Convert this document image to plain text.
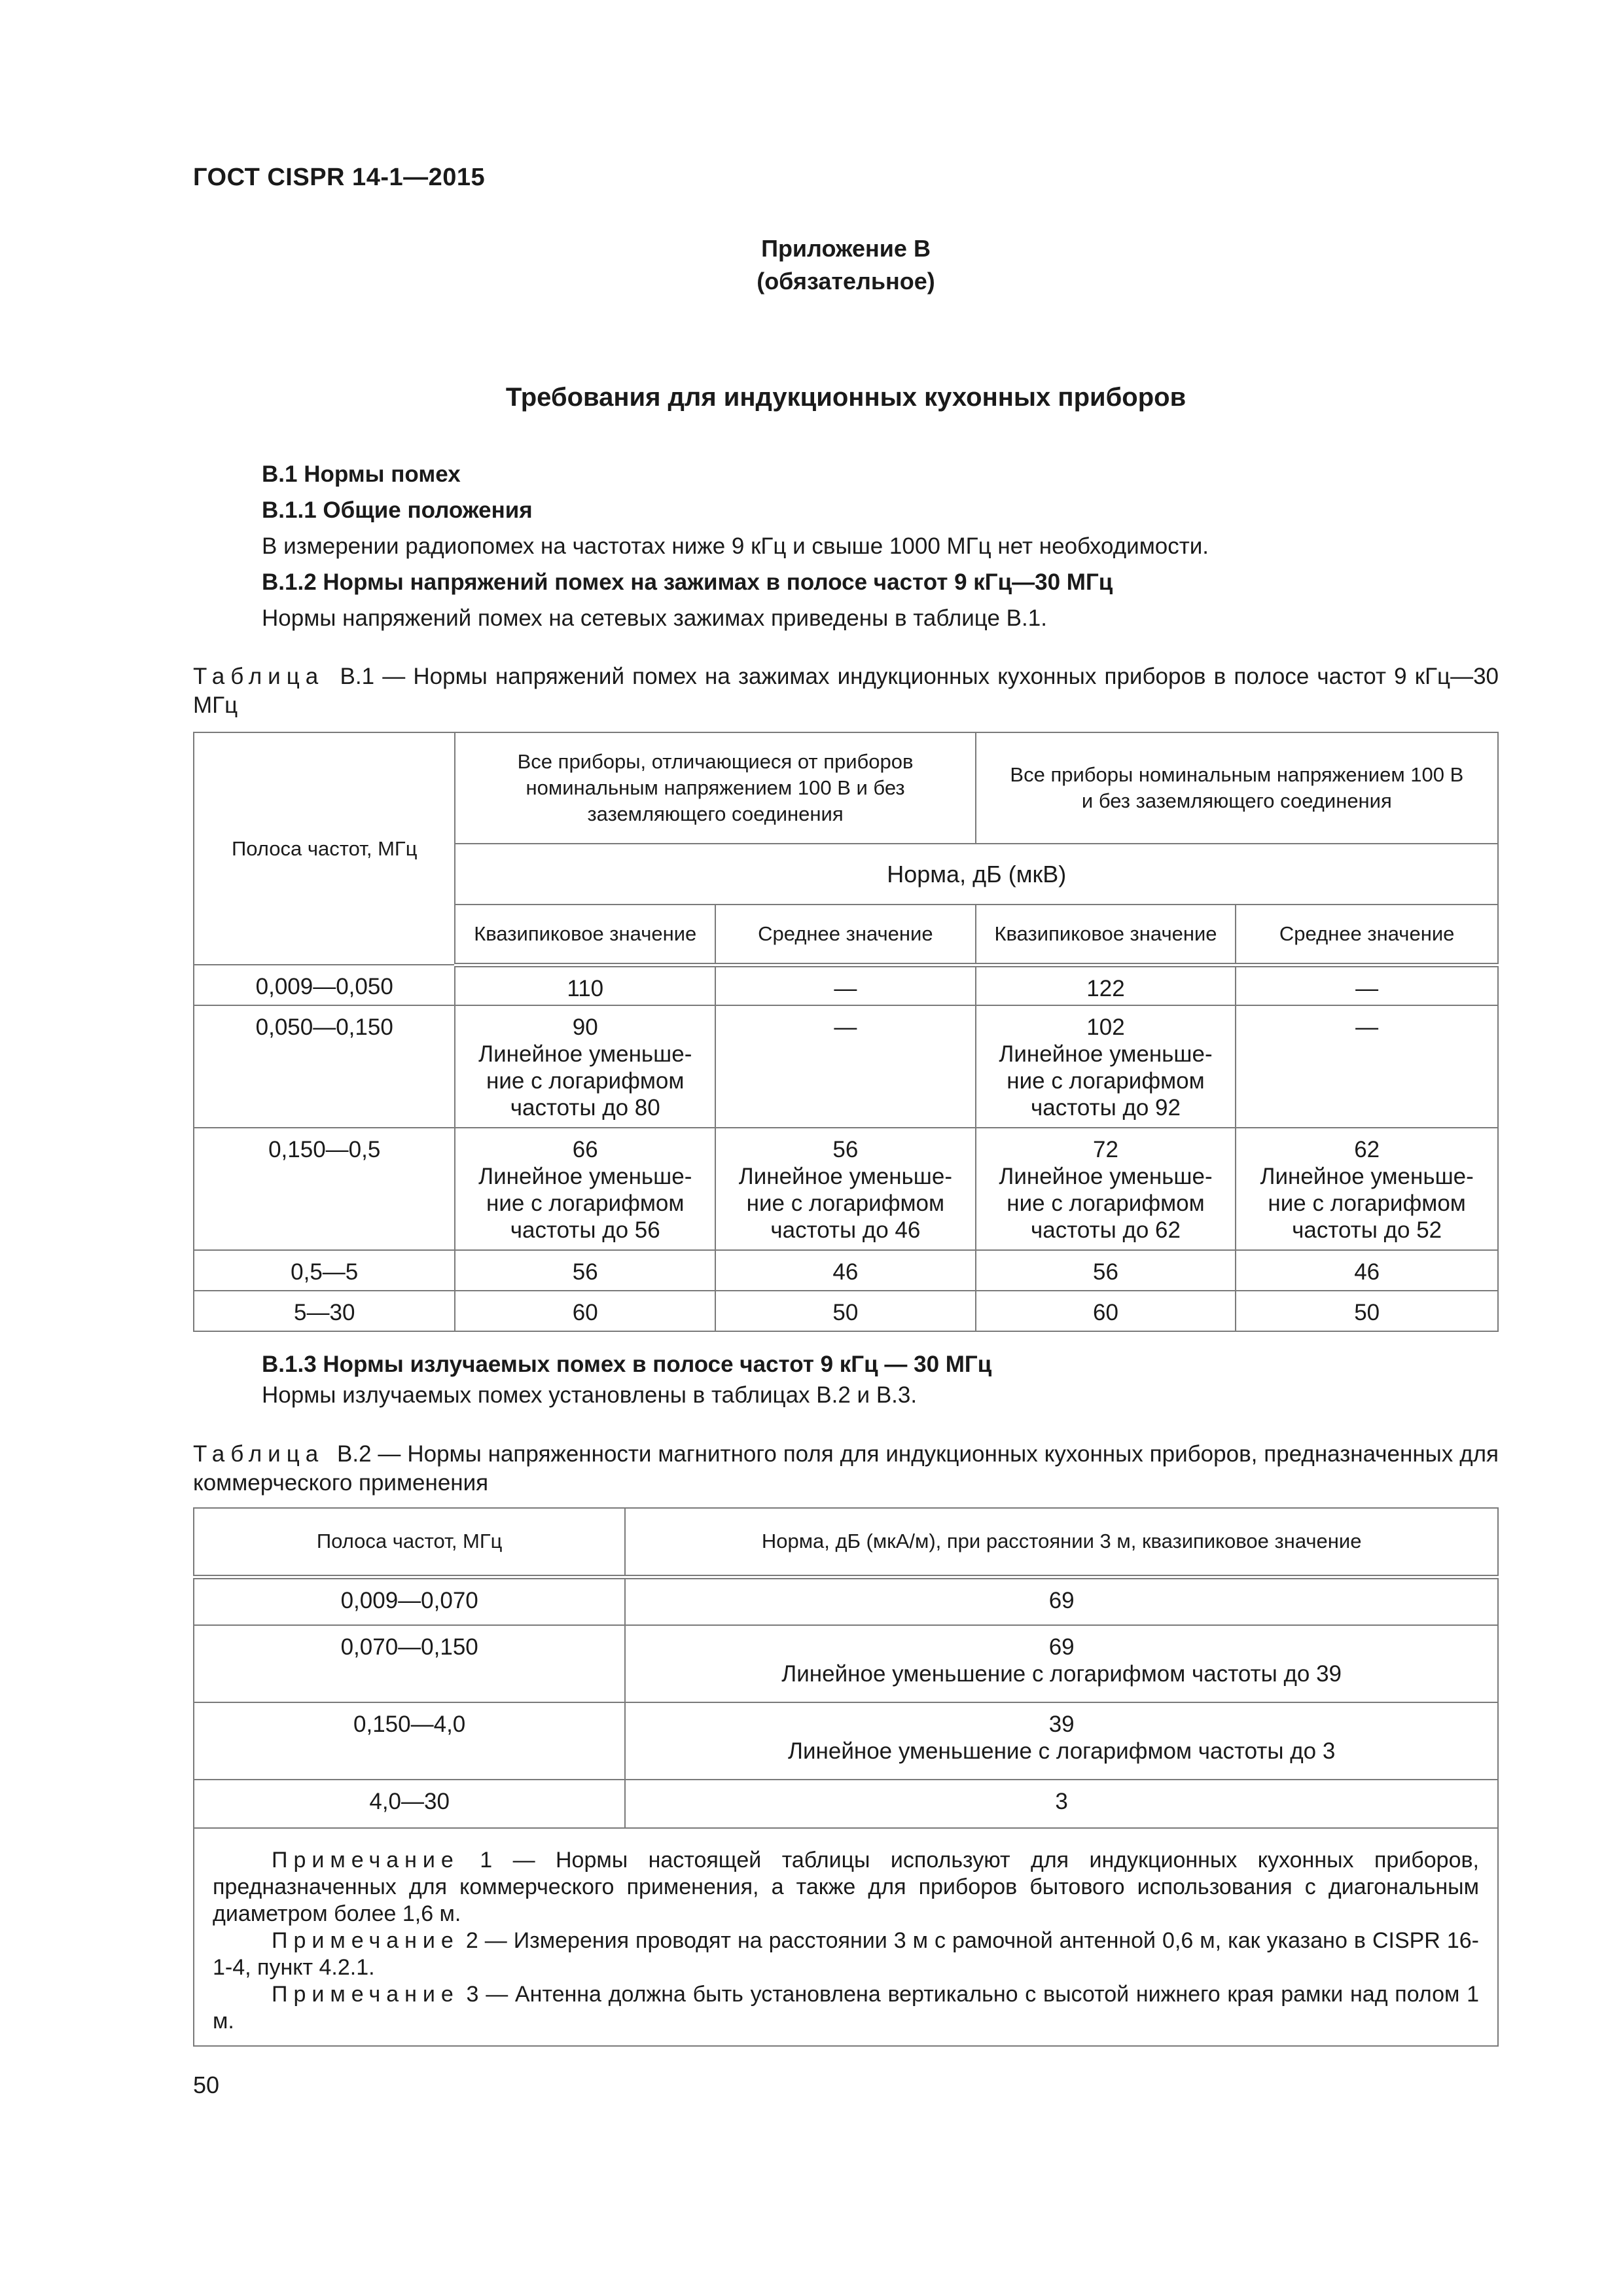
ГОСТ CISPR 14-1—2015
Приложение В
(обязательное)
Требования для индукционных кухонных приборов
В.1 Нормы помех
В.1.1 Общие положения
В измерении радиопомех на частотах ниже 9 кГц и свыше 1000 МГц нет необходимости.
В.1.2 Нормы напряжений помех на зажимах в полосе частот 9 кГц—30 МГц
Нормы напряжений помех на сетевых зажимах приведены в таблице В.1.
Таблица В.1 — Нормы напряжений помех на зажимах индукционных кухонных приборов в полосе частот 9 кГц—30 МГц
Полоса частот, МГц	Все приборы, отличающиеся от приборов номинальным напряжением 100 В и без заземляющего соединения		Все приборы номинальным напряжением 100 В и без заземляющего соединения	
	Норма, дБ (мкВ)			
	Квазипиковое значение	Среднее значение	Квазипиковое значение	Среднее значение
0,009—0,050	110	—	122	—
0,050—0,150	90
Линейное уменьше-
ние с логарифмом
частоты до 80	—	102
Линейное уменьше-
ние с логарифмом
частоты до 92	—
0,150—0,5	66
Линейное уменьше-
ние с логарифмом
частоты до 56	56
Линейное уменьше-
ние с логарифмом
частоты до 46	72
Линейное уменьше-
ние с логарифмом
частоты до 62	62
Линейное уменьше-
ние с логарифмом
частоты до 52
0,5—5	56	46	56	46
5—30	60	50	60	50
В.1.3 Нормы излучаемых помех в полосе частот 9 кГц — 30 МГц
Нормы излучаемых помех установлены в таблицах В.2 и В.3.
Таблица В.2 — Нормы напряженности магнитного поля для индукционных кухонных приборов, предназначенных для коммерческого применения
Полоса частот, МГц	Норма, дБ (мкА/м), при расстоянии 3 м, квазипиковое значение
0,009—0,070	69
0,070—0,150	69
Линейное уменьшение с логарифмом частоты до 39
0,150—4,0	39
Линейное уменьшение с логарифмом частоты до 3
4,0—30	3

Примечание 1 — Нормы настоящей таблицы используют для индукционных кухонных приборов, предназначенных для коммерческого применения, а также для приборов бытового использования с диагональным диаметром более 1,6 м.

Примечание 2 — Измерения проводят на расстоянии 3 м с рамочной антенной 0,6 м, как указано в CISPR 16-1-4, пункт 4.2.1.

Примечание 3 — Антенна должна быть установлена вертикально с высотой нижнего края рамки над полом 1 м.	

50
